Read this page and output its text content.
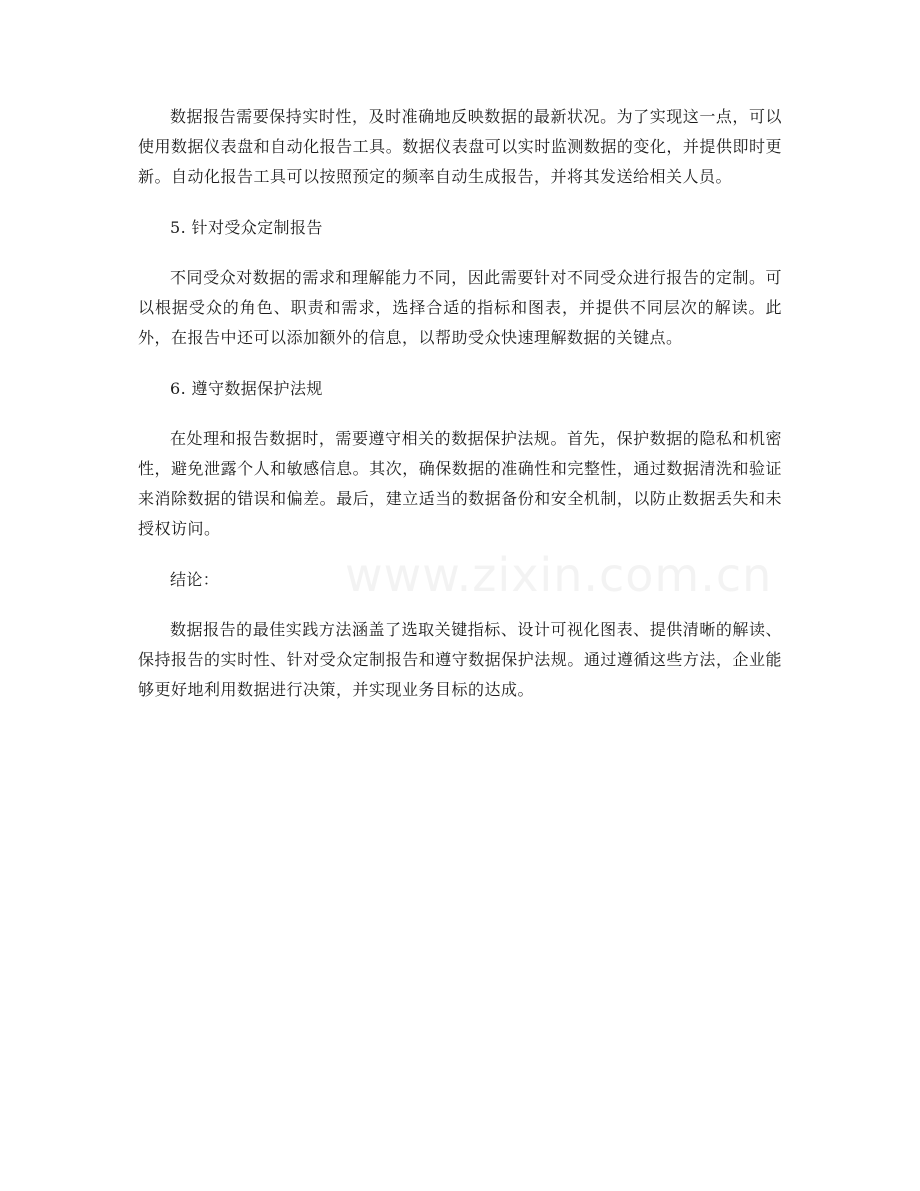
数据报告需要保持实时性，及时准确地反映数据的最新状况。为了实现这一点，可以使用数据仪表盘和自动化报告工具。数据仪表盘可以实时监测数据的变化，并提供即时更新。自动化报告工具可以按照预定的频率自动生成报告，并将其发送给相关人员。

5. 针对受众定制报告

不同受众对数据的需求和理解能力不同，因此需要针对不同受众进行报告的定制。可以根据受众的角色、职责和需求，选择合适的指标和图表，并提供不同层次的解读。此外，在报告中还可以添加额外的信息，以帮助受众快速理解数据的关键点。

6. 遵守数据保护法规

在处理和报告数据时，需要遵守相关的数据保护法规。首先，保护数据的隐私和机密性，避免泄露个人和敏感信息。其次，确保数据的准确性和完整性，通过数据清洗和验证来消除数据的错误和偏差。最后，建立适当的数据备份和安全机制，以防止数据丢失和未授权访问。

结论：

数据报告的最佳实践方法涵盖了选取关键指标、设计可视化图表、提供清晰的解读、保持报告的实时性、针对受众定制报告和遵守数据保护法规。通过遵循这些方法，企业能够更好地利用数据进行决策，并实现业务目标的达成。

www.zixin.com.cn
